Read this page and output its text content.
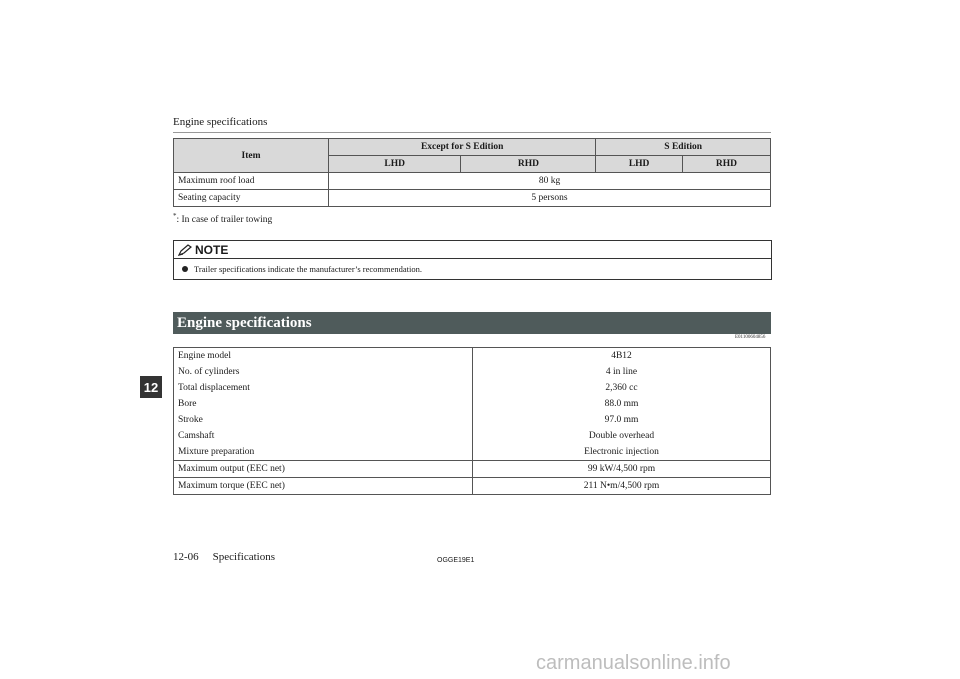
Engine specifications
Item	Except for S Edition		S Edition	
	LHD	RHD	LHD	RHD
Maximum roof load	80 kg			
Seating capacity	5 persons			
*: In case of trailer towing
NOTE
Trailer specifications indicate the manufacturer’s recommendation.
Engine specifications
E01100604856
Engine model	4B12
No. of cylinders	4 in line
Total displacement	2,360 cc
Bore	88.0 mm
Stroke	97.0 mm
Camshaft	Double overhead
Mixture preparation	Electronic injection
Maximum output (EEC net)	99 kW/4,500 rpm
Maximum torque (EEC net)	211 N•m/4,500 rpm
12
12-06 Specifications	OGGE19E1
carmanualsonline.info
